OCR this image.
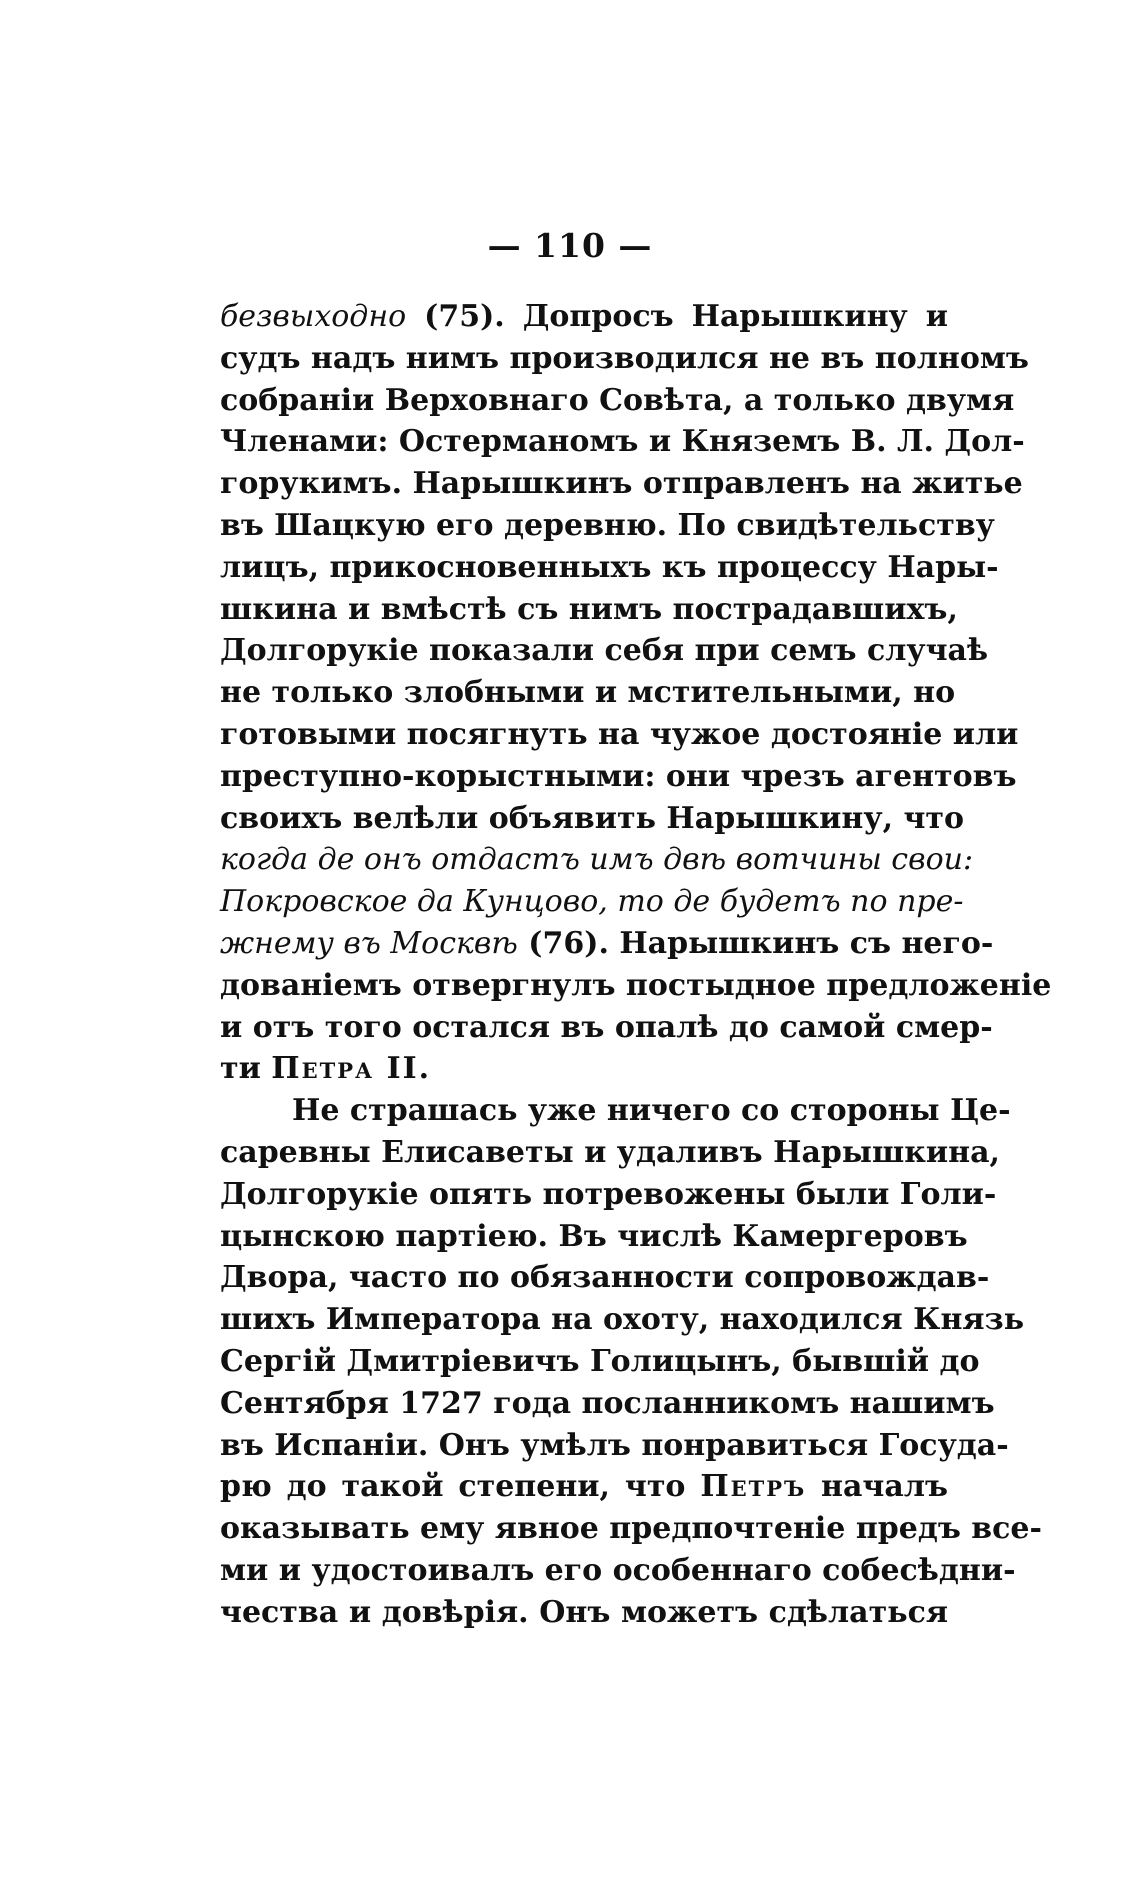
— 110 —
безвыходно (75). Допросъ Нарышкину и
судъ надъ нимъ производился не въ полномъ
собраніи Верховнаго Совѣта, а только двумя
Членами: Остерманомъ и Княземъ В. Л. Дол-
горукимъ. Нарышкинъ отправленъ на житье
въ Шацкую его деревню. По свидѣтельству
лицъ, прикосновенныхъ къ процессу Нары-
шкина и вмѣстѣ съ нимъ пострадавшихъ,
Долгорукіе показали себя при семъ случаѣ
не только злобными и мстительными, но
готовыми посягнуть на чужое достояніе или
преступно-корыстными: они чрезъ агентовъ
своихъ велѣли объявить Нарышкину, что
когда де онъ отдастъ имъ двѣ вотчины свои:
Покровское да Кунцово, то де будетъ по пре-
жнему въ Москвѣ (76). Нарышкинъ съ него-
дованіемъ отвергнулъ постыдное предложеніе
и отъ того остался въ опалѣ до самой смер-
ти Петра II.
Не страшась уже ничего со стороны Це-
саревны Елисаветы и удаливъ Нарышкина,
Долгорукіе опять потревожены были Голи-
цынскою партіею. Въ числѣ Камергеровъ
Двора, часто по обязанности сопровождав-
шихъ Императора на охоту, находился Князь
Сергій Дмитріевичъ Голицынъ, бывшій до
Сентября 1727 года посланникомъ нашимъ
въ Испаніи. Онъ умѣлъ понравиться Госуда-
рю до такой степени, что Петръ началъ
оказывать ему явное предпочтеніе предъ все-
ми и удостоивалъ его особеннаго собесѣдни-
чества и довѣрія. Онъ можетъ сдѣлаться
